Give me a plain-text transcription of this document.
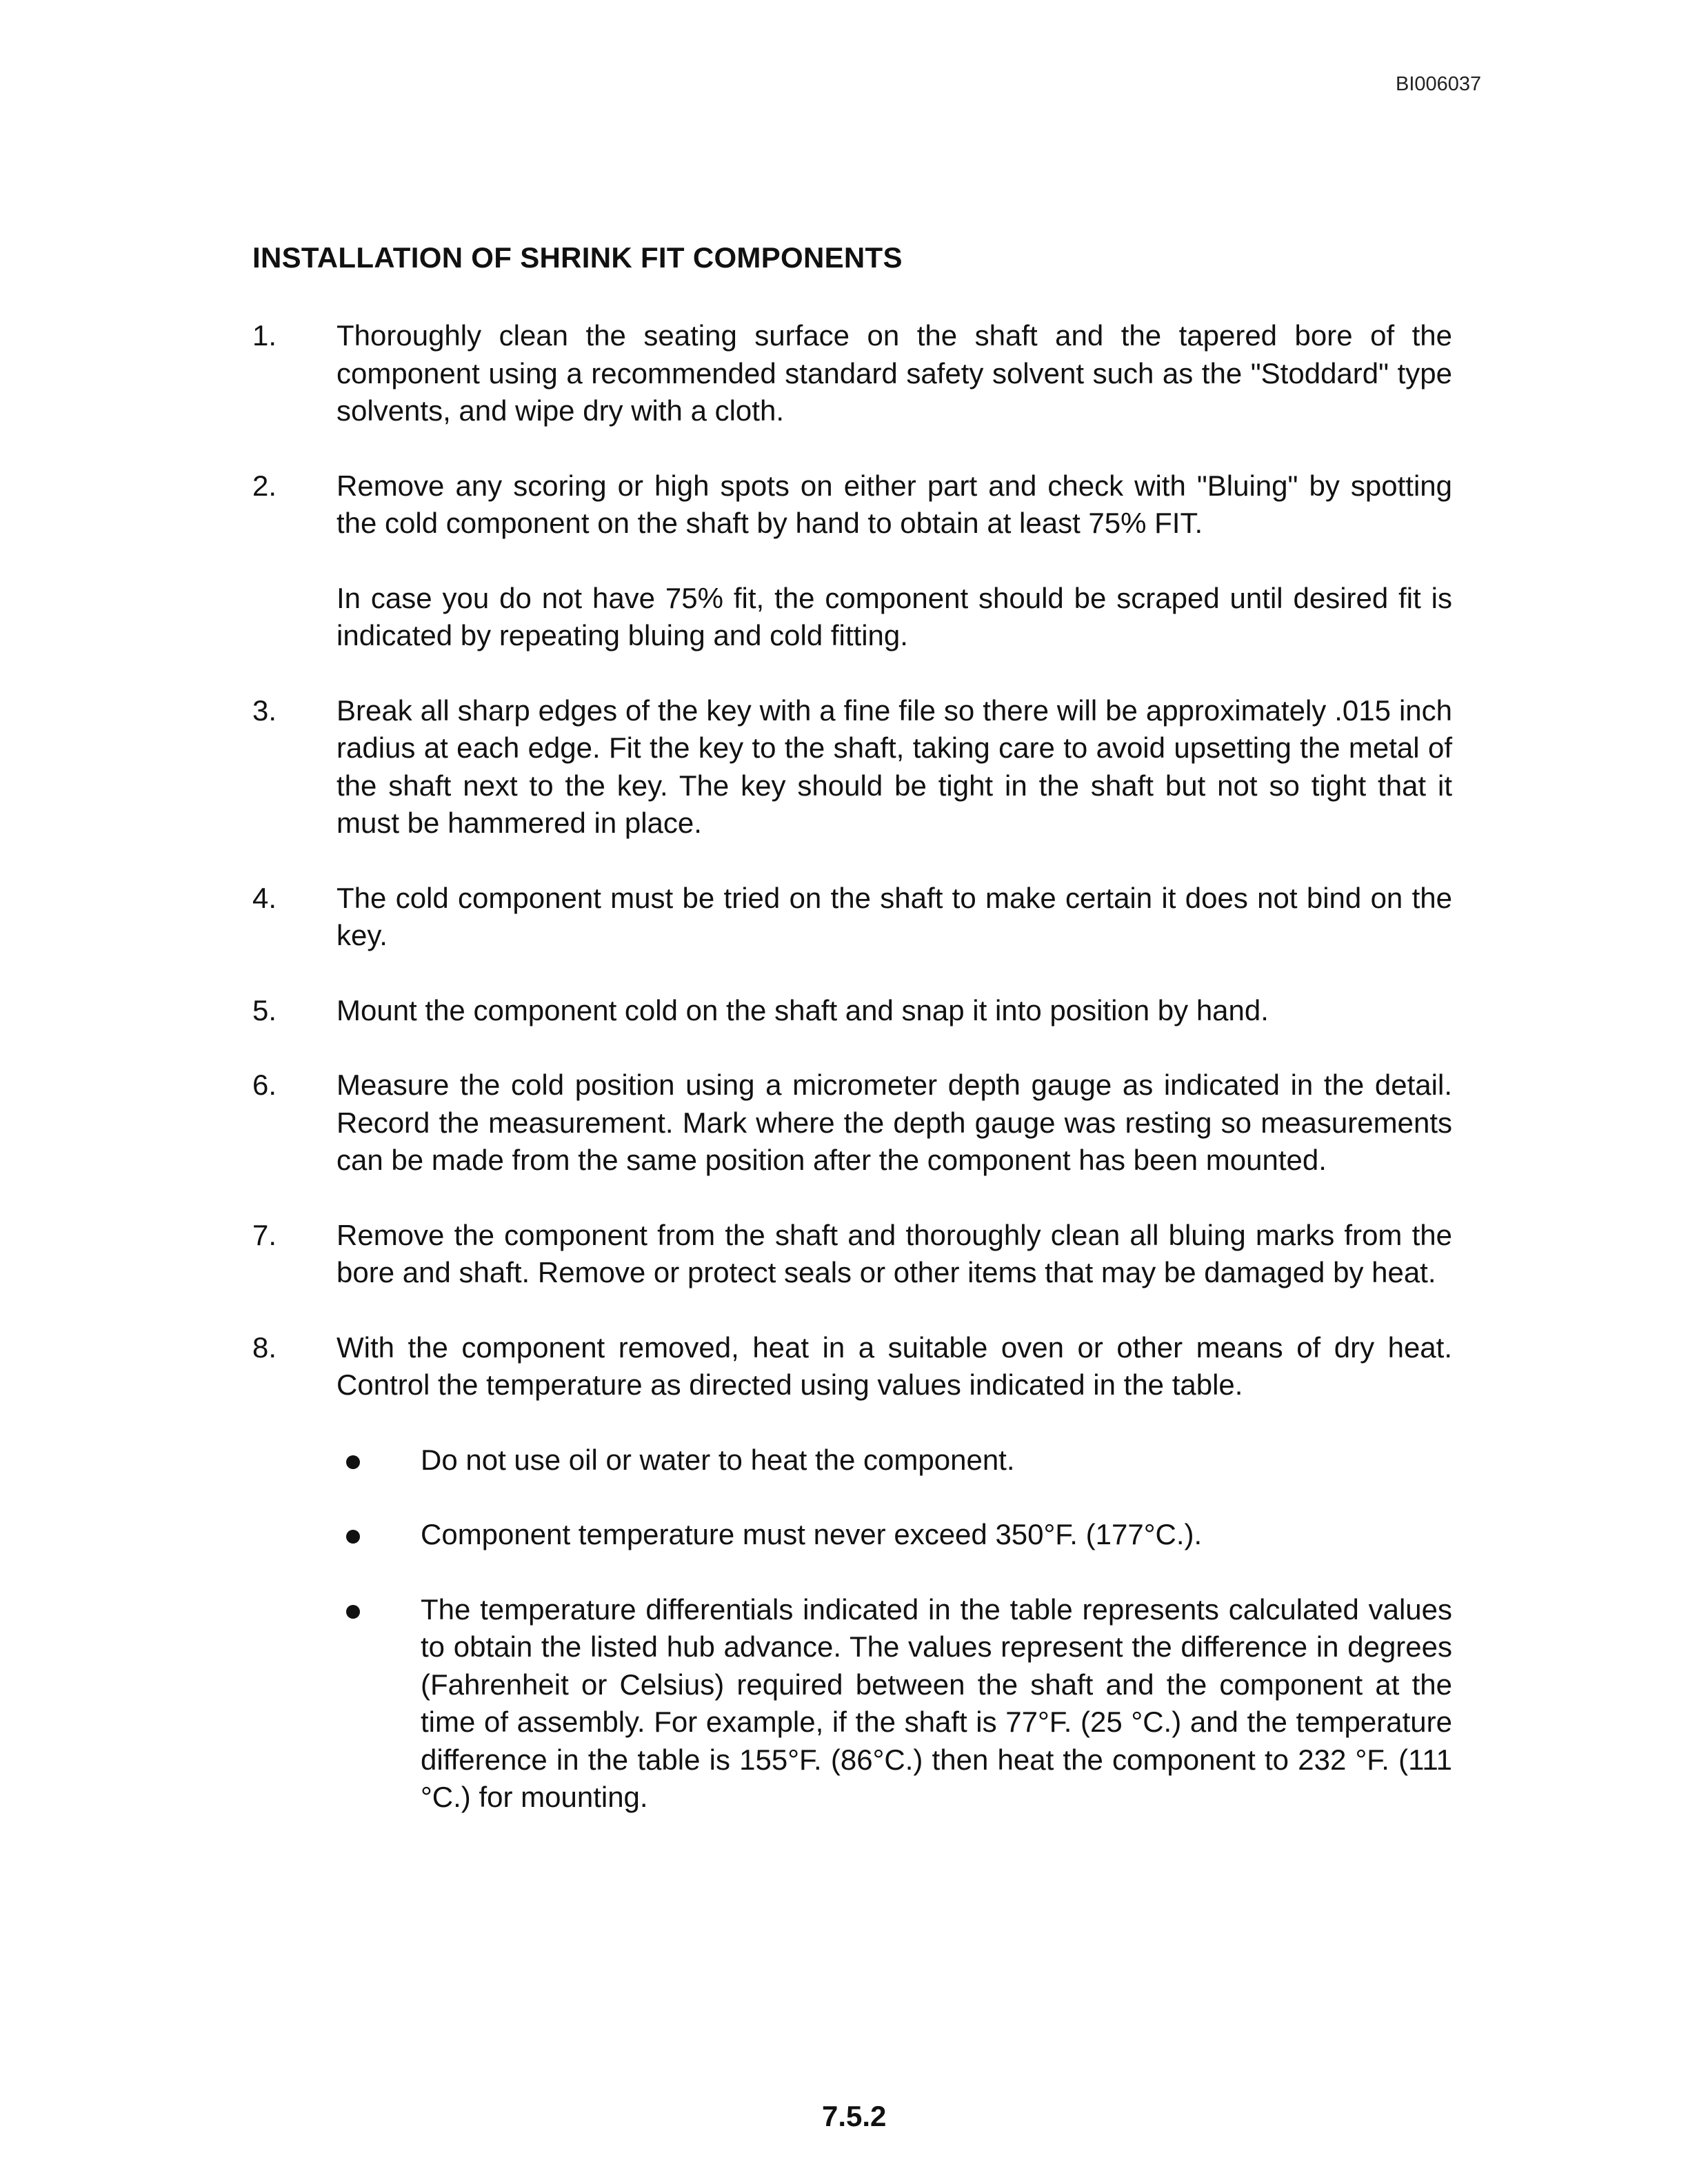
BI006037
INSTALLATION OF SHRINK FIT COMPONENTS
1.	Thoroughly clean the seating surface on the shaft and the tapered bore of the component using a recommended standard safety solvent such as the "Stoddard" type solvents, and wipe dry with a cloth.

2.	Remove any scoring or high spots on either part and check with "Bluing" by spotting the cold component on the shaft by hand to obtain at least 75% FIT.

In case you do not have 75% fit, the component should be scraped until desired fit is indicated by repeating bluing and cold fitting.

3.	Break all sharp edges of the key with a fine file so there will be approximately .015 inch radius at each edge. Fit the key to the shaft, taking care to avoid upsetting the metal of the shaft next to the key. The key should be tight in the shaft but not so tight that it must be hammered in place.

4.	The cold component must be tried on the shaft to make certain it does not bind on the key.

5.	Mount the component cold on the shaft and snap it into position by hand.

6.	Measure the cold position using a micrometer depth gauge as indicated in the detail. Record the measurement. Mark where the depth gauge was resting so measurements can be made from the same position after the component has been mounted.

7.	Remove the component from the shaft and thoroughly clean all bluing marks from the bore and shaft. Remove or protect seals or other items that may be damaged by heat.

8.	With the component removed, heat in a suitable oven or other means of dry heat. Control the temperature as directed using values indicated in the table.

Do not use oil or water to heat the component.
Component temperature must never exceed 350°F. (177°C.).
The temperature differentials indicated in the table represents calculated values to obtain the listed hub advance. The values represent the difference in degrees (Fahrenheit or Celsius) required between the shaft and the component at the time of assembly. For example, if the shaft is 77°F. (25 °C.) and the temperature difference in the table is 155°F. (86°C.) then heat the component to 232 °F. (111 °C.) for mounting.
7.5.2
